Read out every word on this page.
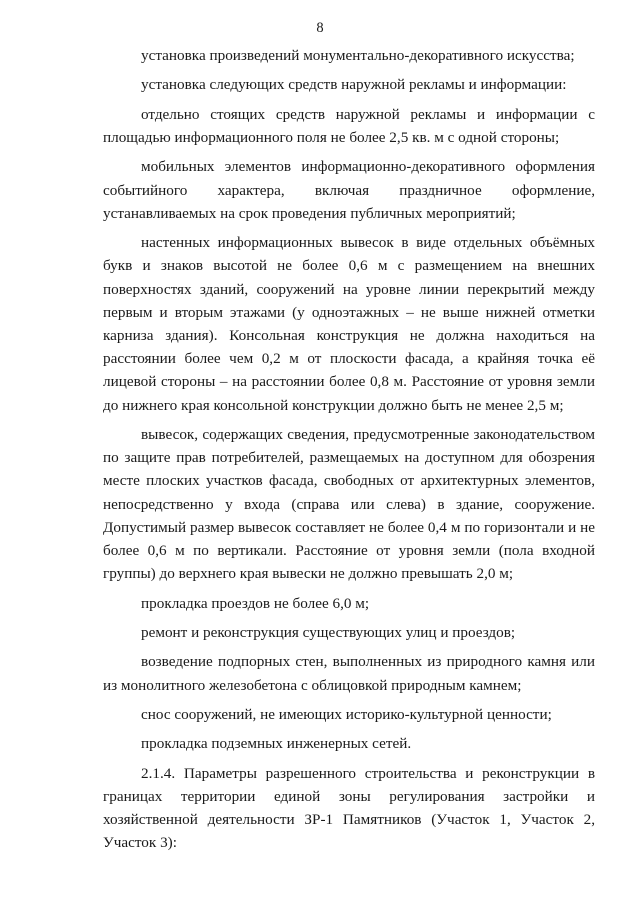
8

установка произведений монументально-декоративного искусства;

установка следующих средств наружной рекламы и информации:

отдельно стоящих средств наружной рекламы и информации с площадью информационного поля не более 2,5 кв. м с одной стороны;

мобильных элементов информационно-декоративного оформления событийного характера, включая праздничное оформление, устанавливаемых на срок проведения публичных мероприятий;

настенных информационных вывесок в виде отдельных объёмных букв и знаков высотой не более 0,6 м с размещением на внешних поверхностях зданий, сооружений на уровне линии перекрытий между первым и вторым этажами (у одноэтажных – не выше нижней отметки карниза здания). Консольная конструкция не должна находиться на расстоянии более чем 0,2 м от плоскости фасада, а крайняя точка её лицевой стороны – на расстоянии более 0,8 м. Расстояние от уровня земли до нижнего края консольной конструкции должно быть не менее 2,5 м;

вывесок, содержащих сведения, предусмотренные законодательством по защите прав потребителей, размещаемых на доступном для обозрения месте плоских участков фасада, свободных от архитектурных элементов, непосредственно у входа (справа или слева) в здание, сооружение. Допустимый размер вывесок составляет не более 0,4 м по горизонтали и не более 0,6 м по вертикали. Расстояние от уровня земли (пола входной группы) до верхнего края вывески не должно превышать 2,0 м;

прокладка проездов не более 6,0 м;

ремонт и реконструкция существующих улиц и проездов;

возведение подпорных стен, выполненных из природного камня или из монолитного железобетона с облицовкой природным камнем;

снос сооружений, не имеющих историко-культурной ценности;

прокладка подземных инженерных сетей.

2.1.4. Параметры разрешенного строительства и реконструкции в границах территории единой зоны регулирования застройки и хозяйственной деятельности ЗР-1 Памятников (Участок 1, Участок 2, Участок 3):
